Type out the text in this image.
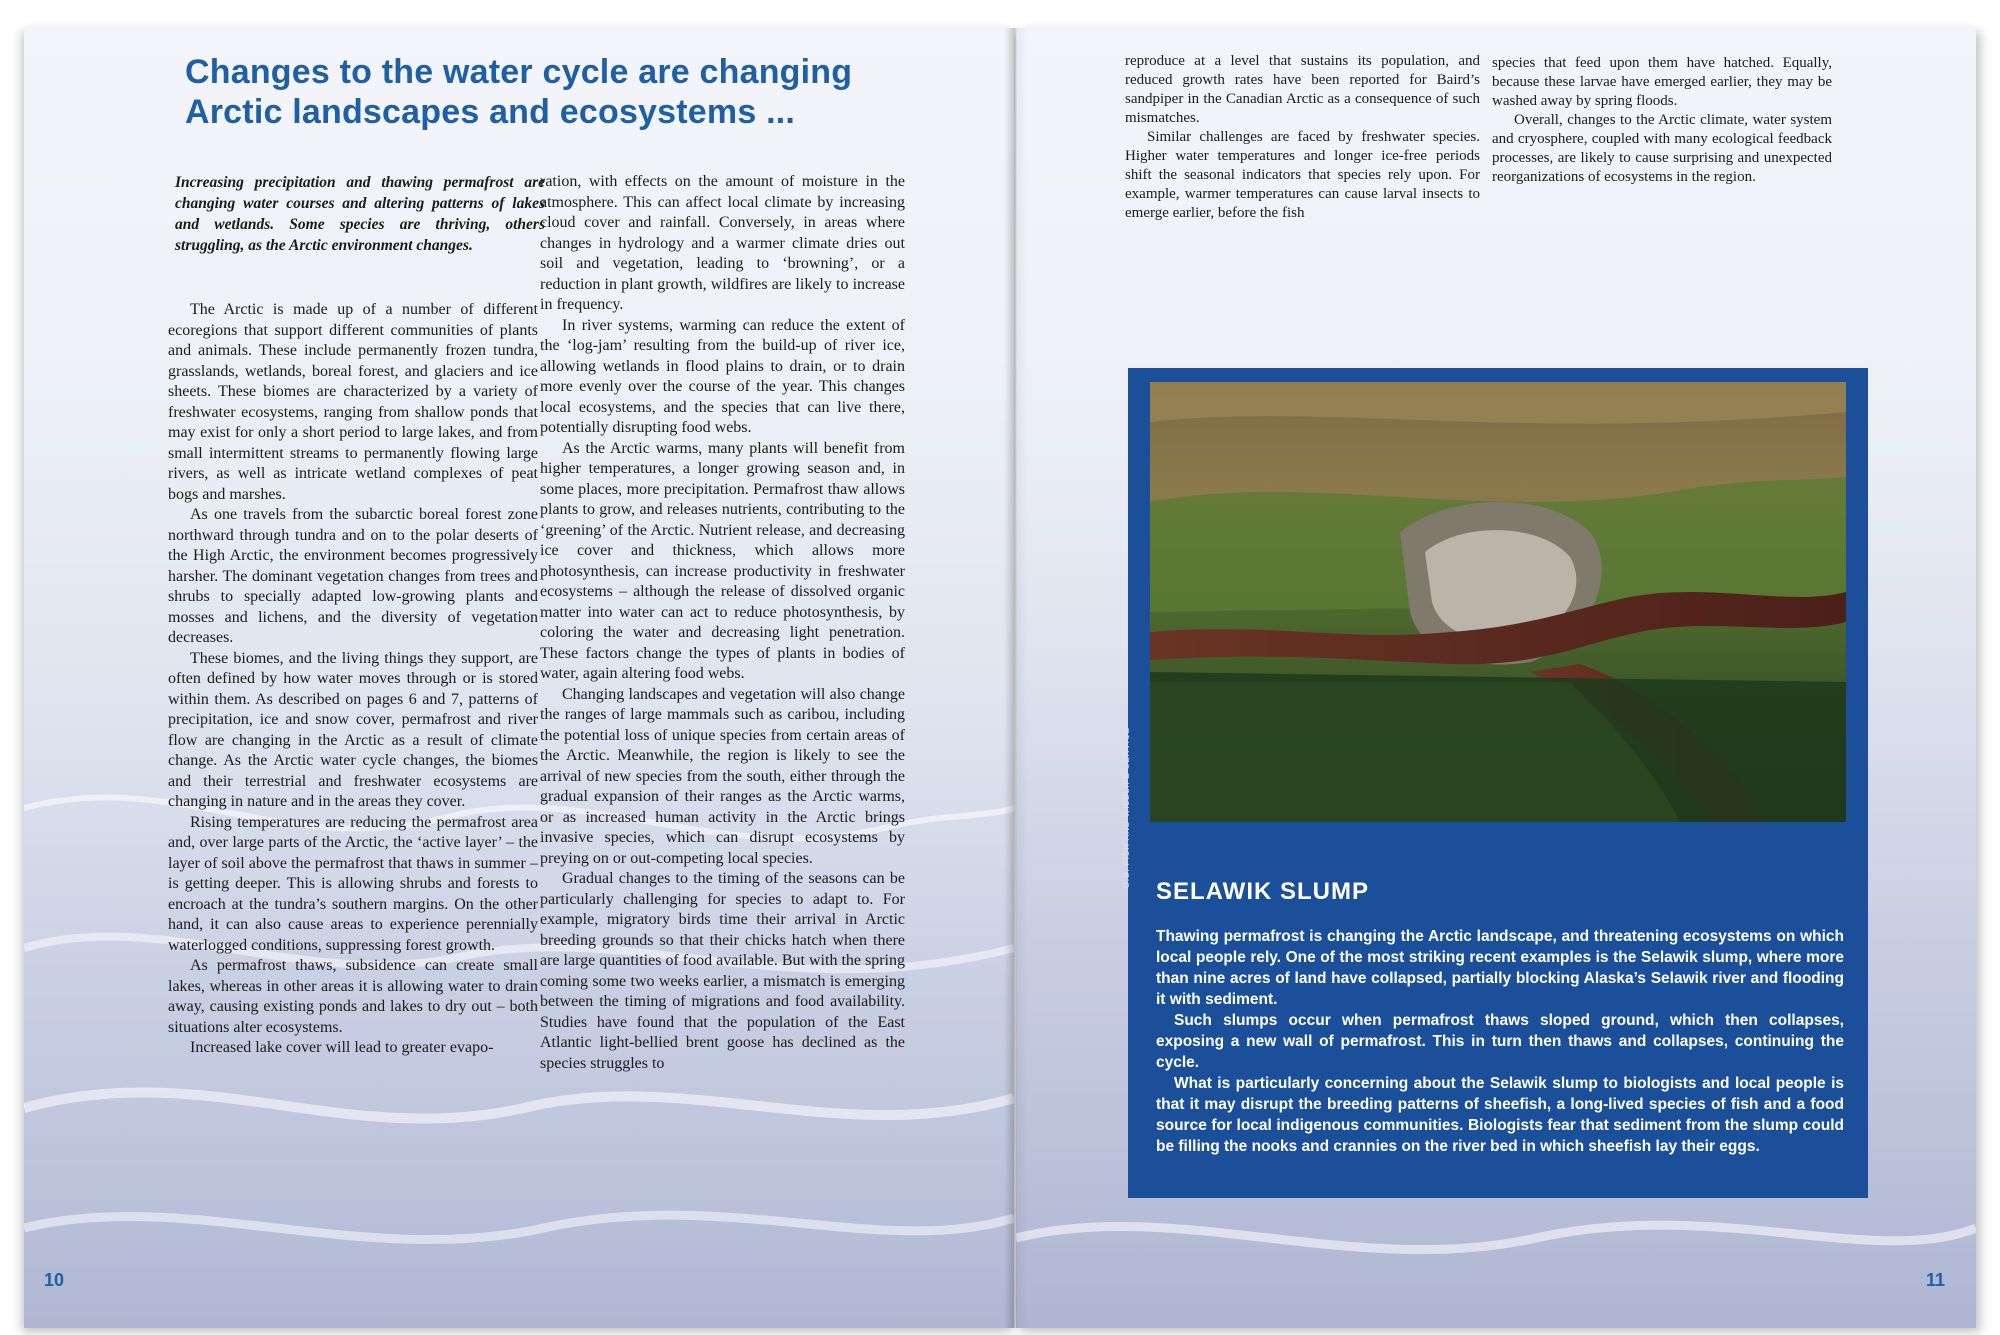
Changes to the water cycle are changing
Arctic landscapes and ecosystems ...

Increasing precipitation and thawing permafrost are changing water courses and altering patterns of lakes and wetlands. Some species are thriving, others struggling, as the Arctic environment changes.

The Arctic is made up of a number of different ecoregions that support different communities of plants and animals. These include permanently frozen tundra, grasslands, wetlands, boreal forest, and glaciers and ice sheets. These biomes are characterized by a variety of freshwater ecosystems, ranging from shallow ponds that may exist for only a short period to large lakes, and from small intermittent streams to permanently flowing large rivers, as well as intricate wetland complexes of peat bogs and marshes.

As one travels from the subarctic boreal forest zone northward through tundra and on to the polar deserts of the High Arctic, the environment becomes progressively harsher. The dominant vegetation changes from trees and shrubs to specially adapted low-growing plants and mosses and lichens, and the diversity of vegetation decreases.

These biomes, and the living things they support, are often defined by how water moves through or is stored within them. As described on pages 6 and 7, patterns of precipitation, ice and snow cover, permafrost and river flow are changing in the Arctic as a result of climate change. As the Arctic water cycle changes, the biomes and their terrestrial and freshwater ecosystems are changing in nature and in the areas they cover.

Rising temperatures are reducing the permafrost area and, over large parts of the Arctic, the ‘active layer’ – the layer of soil above the permafrost that thaws in summer – is getting deeper. This is allowing shrubs and forests to encroach at the tundra’s southern margins. On the other hand, it can also cause areas to experience perennially waterlogged conditions, suppressing forest growth.

As permafrost thaws, subsidence can create small lakes, whereas in other areas it is allowing water to drain away, causing existing ponds and lakes to dry out – both situations alter ecosystems.

Increased lake cover will lead to greater evapo-

ration, with effects on the amount of moisture in the atmosphere. This can affect local climate by increasing cloud cover and rainfall. Conversely, in areas where changes in hydrology and a warmer climate dries out soil and vegetation, leading to ‘browning’, or a reduction in plant growth, wildfires are likely to increase in frequency.

In river systems, warming can reduce the extent of the ‘log-jam’ resulting from the build-up of river ice, allowing wetlands in flood plains to drain, or to drain more evenly over the course of the year. This changes local ecosystems, and the species that can live there, potentially disrupting food webs.

As the Arctic warms, many plants will benefit from higher temperatures, a longer growing season and, in some places, more precipitation. Permafrost thaw allows plants to grow, and releases nutrients, contributing to the ‘greening’ of the Arctic. Nutrient release, and decreasing ice cover and thickness, which allows more photosynthesis, can increase productivity in freshwater ecosystems – although the release of dissolved organic matter into water can act to reduce photosynthesis, by coloring the water and decreasing light penetration. These factors change the types of plants in bodies of water, again altering food webs.

Changing landscapes and vegetation will also change the ranges of large mammals such as caribou, including the potential loss of unique species from certain areas of the Arctic. Meanwhile, the region is likely to see the arrival of new species from the south, either through the gradual expansion of their ranges as the Arctic warms, or as increased human activity in the Arctic brings invasive species, which can disrupt ecosystems by preying on or out-competing local species.

Gradual changes to the timing of the seasons can be particularly challenging for species to adapt to. For example, migratory birds time their arrival in Arctic breeding grounds so that their chicks hatch when there are large quantities of food available. But with the spring coming some two weeks earlier, a mismatch is emerging between the timing of migrations and food availability. Studies have found that the population of the East Atlantic light-bellied brent goose has declined as the species struggles to

10

reproduce at a level that sustains its population, and reduced growth rates have been reported for Baird’s sandpiper in the Canadian Arctic as a consequence of such mismatches.

Similar challenges are faced by freshwater species. Higher water temperatures and longer ice-free periods shift the seasonal indicators that species rely upon. For example, warmer temperatures can cause larval insects to emerge earlier, before the fish

species that feed upon them have hatched. Equally, because these larvae have emerged earlier, they may be washed away by spring floods.

Overall, changes to the Arctic climate, water system and cryosphere, coupled with many ecological feedback processes, are likely to cause surprising and unexpected reorganizations of ecosystems in the region.

U.S. FISH AND WILDLIFE SERVICE
SELAWIK SLUMP

Thawing permafrost is changing the Arctic landscape, and threatening ecosystems on which local people rely. One of the most striking recent examples is the Selawik slump, where more than nine acres of land have collapsed, partially blocking Alaska’s Selawik river and flooding it with sediment.

Such slumps occur when permafrost thaws sloped ground, which then collapses, exposing a new wall of permafrost. This in turn then thaws and collapses, continuing the cycle.

What is particularly concerning about the Selawik slump to biologists and local people is that it may disrupt the breeding patterns of sheefish, a long-lived species of fish and a food source for local indigenous communities. Biologists fear that sediment from the slump could be filling the nooks and crannies on the river bed in which sheefish lay their eggs.

11
